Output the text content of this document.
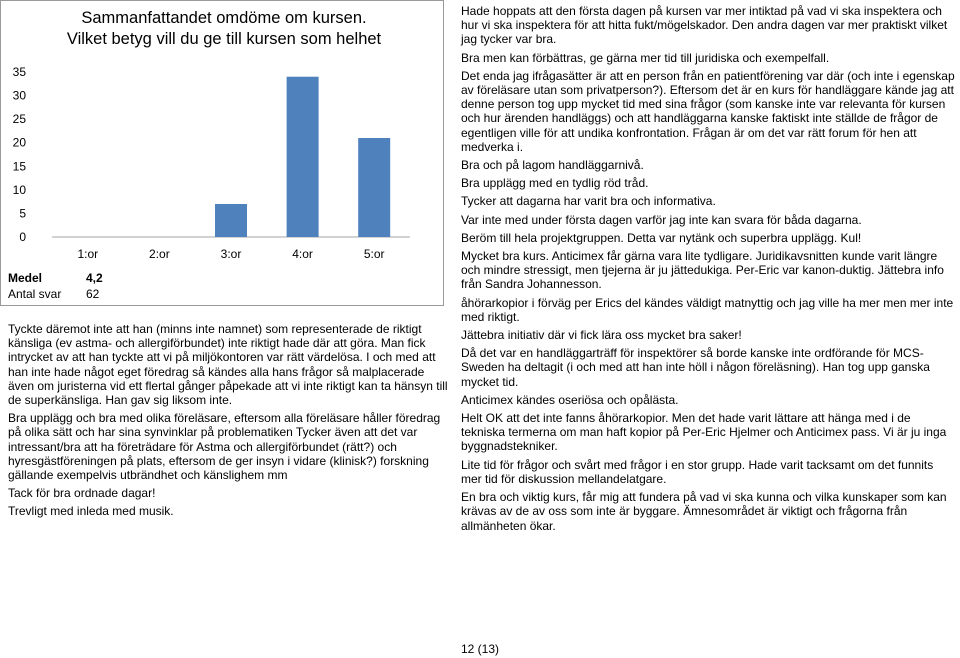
Sammanfattandet omdöme om kursen. Vilket betyg vill du ge till kursen som helhet
0
5
10
15
20
25
30
35
1:or	2:or	3:or	4:or	5:or
Medel	4,2
Antal svar	62

Tyckte däremot inte att han (minns inte namnet) som representerade de riktigt känsliga (ev astma- och allergiförbundet) inte riktigt hade där att göra. Man fick intrycket av att han tyckte att vi på miljökontoren var rätt värdelösa. I och med att han inte hade något eget föredrag så kändes alla hans frågor så malplacerade även om juristerna vid ett flertal gånger påpekade att vi inte riktigt kan ta hänsyn till de superkänsliga. Han gav sig liksom inte.

Bra upplägg och bra med olika föreläsare, eftersom alla föreläsare håller föredrag på olika sätt och har sina synvinklar på problematiken Tycker även att det var intressant/bra att ha företrädare för Astma och allergiförbundet (rätt?) och hyresgästföreningen på plats, eftersom de ger insyn i vidare (klinisk?) forskning gällande exempelvis utbrändhet och känslighem mm

Tack för bra ordnade dagar!

Trevligt med inleda med musik.

Hade hoppats att den första dagen på kursen var mer intiktad på vad vi ska inspektera och hur vi ska inspektera för att hitta fukt/mögelskador. Den andra dagen var mer praktiskt vilket jag tycker var bra.

Bra men kan förbättras, ge gärna mer tid till juridiska och exempelfall.

Det enda jag ifrågasätter är att en person från en patientförening var där (och inte i egenskap av föreläsare utan som privatperson?). Eftersom det är en kurs för handläggare kände jag att denne person tog upp mycket tid med sina frågor (som kanske inte var relevanta för kursen och hur ärenden handläggs) och att handläggarna kanske faktiskt inte ställde de frågor de egentligen ville för att undika konfrontation. Frågan är om det var rätt forum för hen att medverka i.

Bra och på lagom handläggarnivå.

Bra upplägg med en tydlig röd tråd.

Tycker att dagarna har varit bra och informativa.

Var inte med under första dagen varför jag inte kan svara för båda dagarna.

Beröm till hela projektgruppen. Detta var nytänk och superbra upplägg. Kul!

Mycket bra kurs. Anticimex får gärna vara lite tydligare. Juridikavsnitten kunde varit längre och mindre stressigt, men tjejerna är ju jättedukiga. Per-Eric var kanon-duktig. Jättebra info från Sandra Johannesson.

åhörarkopior i förväg per Erics del kändes väldigt matnyttig och jag ville ha mer men mer inte med riktigt.

Jättebra initiativ där vi fick lära oss mycket bra saker!

Då det var en handläggarträff för inspektörer så borde kanske inte ordförande för MCS-Sweden ha deltagit (i och med att han inte höll i någon föreläsning). Han tog upp ganska mycket tid.

Anticimex kändes oseriösa och opålästa.

Helt OK att det inte fanns åhörarkopior. Men det hade varit lättare att hänga med i de tekniska termerna om man haft kopior på Per-Eric Hjelmer och Anticimex pass. Vi är ju inga byggnadstekniker.

Lite tid för frågor och svårt med frågor i en stor grupp. Hade varit tacksamt om det funnits mer tid för diskussion mellandelatgare.

En bra och viktig kurs, får mig att fundera på vad vi ska kunna och vilka kunskaper som kan krävas av de av oss som inte är byggare. Ämnesområdet är viktigt och frågorna från allmänheten ökar.

12 (13)
